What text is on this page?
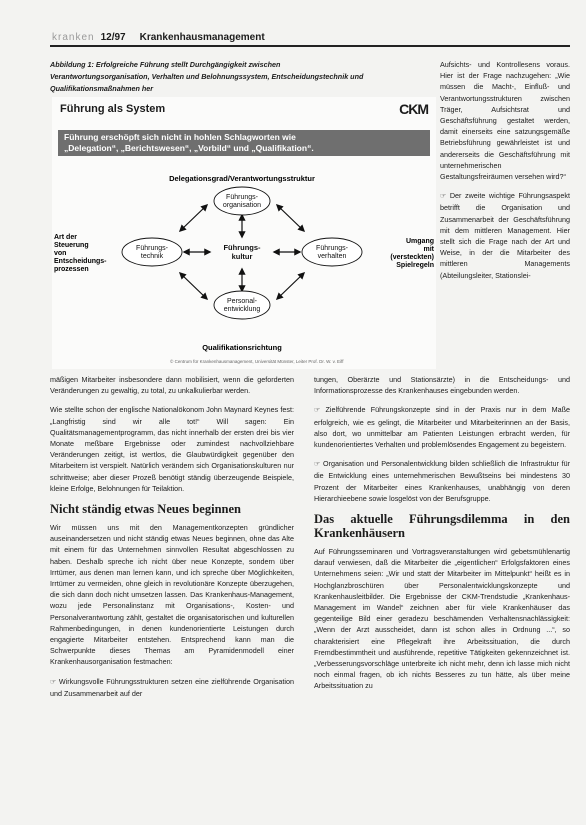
kranken 12/97 Krankenhausmanagement
Abbildung 1: Erfolgreiche Führung stellt Durchgängigkeit zwischen Verantwortungsorganisation, Verhalten und Belohnungssystem, Entscheidungstechnik und Qualifikationsmaßnahmen her
Führung als System	CKM
Führung erschöpft sich nicht in hohlen Schlagworten wie
„Delegation“, „Berichtswesen“, „Vorbild“ und „Qualifikation“.
Delegationsgrad/Verantwortungsstruktur
Qualifikationsrichtung
Art der
Steuerung
von
Entscheidungs-
prozessen
Umgang
mit
(versteckten)
Spielregeln
Führungs-
organisation
Führungs-
technik
Führungs-
verhalten
Personal-
entwicklung
Führungs-
kultur
© Centrum für Krankenhausmanagement, Universität Münster, Leiter Prof. Dr. W. v. Eiff

Aufsichts- und Kontrollesens voraus. Hier ist der Frage nachzugehen: „Wie müssen die Macht-, Einfluß- und Verantwortungsstrukturen zwischen Träger, Aufsichtsrat und Geschäftsführung gestaltet werden, damit einerseits eine satzungsgemäße Betriebsführung gewährleistet ist und andererseits die Geschäftsführung mit unternehmerischen Gestaltungsfreiräumen versehen wird?“

☞ Der zweite wichtige Führungsaspekt betrifft die Organisation und Zusammenarbeit der Geschäftsführung mit dem mittleren Management. Hier stellt sich die Frage nach der Art und Weise, in der die Mitarbeiter des mittleren Managements (Abteilungsleiter, Stationslei-

mäßigen Mitarbeiter insbesondere dann mobilisiert, wenn die geforderten Veränderungen zu gewaltig, zu total, zu unkalkulierbar werden.

Wie stellte schon der englische Nationalökonom John Maynard Keynes fest: „Langfristig sind wir alle tot!“ Will sagen: Ein Qualitätsmanagementprogramm, das nicht innerhalb der ersten drei bis vier Monate meßbare Ergebnisse oder zumindest nachvollziehbare Veränderungen zeitigt, ist wertlos, die Glaubwürdigkeit gegenüber den Mitarbeitern ist verspielt. Natürlich verändern sich Organisationskulturen nur schrittweise; aber dieser Prozeß benötigt ständig überzeugende Beispiele, kleine Erfolge, Belohnungen für Teilaktion.

Nicht ständig etwas Neues beginnen

Wir müssen uns mit den Managementkonzepten gründlicher auseinandersetzen und nicht ständig etwas Neues beginnen, ohne das Alte mit einem für das Unternehmen sinnvollen Resultat abgeschlossen zu haben. Deshalb spreche ich nicht über neue Konzepte, sondern über Irrtümer, aus denen man lernen kann, und ich spreche über Möglichkeiten, Irrtümer zu vermeiden, ohne gleich in revolutionäre Konzepte überzugehen, die sich dann doch nicht umsetzen lassen. Das Krankenhaus-Management, wozu jede Personalinstanz mit Organisations-, Kosten- und Personalverantwortung zählt, gestaltet die organisatorischen und kulturellen Rahmenbedingungen, in denen kundenorientierte Leistungen durch engagierte Mitarbeiter entstehen. Entsprechend kann man die Schwerpunkte dieses Themas am Pyramidenmodell einer Krankenhausorganisation festmachen:

☞ Wirkungsvolle Führungsstrukturen setzen eine zielführende Organisation und Zusammenarbeit auf der

tungen, Oberärzte und Stationsärzte) in die Entscheidungs- und Informationsprozesse des Krankenhauses eingebunden werden.

☞ Zielführende Führungskonzepte sind in der Praxis nur in dem Maße erfolgreich, wie es gelingt, die Mitarbeiter und Mitarbeiterinnen an der Basis, also dort, wo unmittelbar am Patienten Leistungen erbracht werden, für kundenorientiertes Verhalten und problemlösendes Engagement zu begeistern.

☞ Organisation und Personalentwicklung bilden schließlich die Infrastruktur für die Entwicklung eines unternehmerischen Bewußtseins bei mindestens 30 Prozent der Mitarbeiter eines Krankenhauses, unabhängig von deren Hierarchieebene sowie losgelöst von der Berufsgruppe.

Das aktuelle Führungsdilemma in den Krankenhäusern

Auf Führungsseminaren und Vortragsveranstaltungen wird gebetsmühlenartig darauf verwiesen, daß die Mitarbeiter die „eigentlichen“ Erfolgsfaktoren eines Unternehmens seien: „Wir und statt der Mitarbeiter im Mittelpunkt“ heißt es in Hochglanzbroschüren über Personalentwicklungskonzepte und Krankenhausleitbilder. Die Ergebnisse der CKM-Trendstudie „Krankenhaus-Management im Wandel“ zeichnen aber für viele Krankenhäuser das gegenteilige Bild einer geradezu beschämenden Verhaltensnachlässigkeit: „Wenn der Arzt ausscheidet, dann ist schon alles in Ordnung ...“, so charakterisiert eine Pflegekraft ihre Arbeitssituation, die durch Fremdbestimmtheit und ausführende, repetitive Tätigkeiten gekennzeichnet ist. „Verbesserungsvorschläge unterbreite ich nicht mehr, denn ich lasse mich nicht noch einmal fragen, ob ich nichts Besseres zu tun hätte, als über meine Arbeitssituation zu
